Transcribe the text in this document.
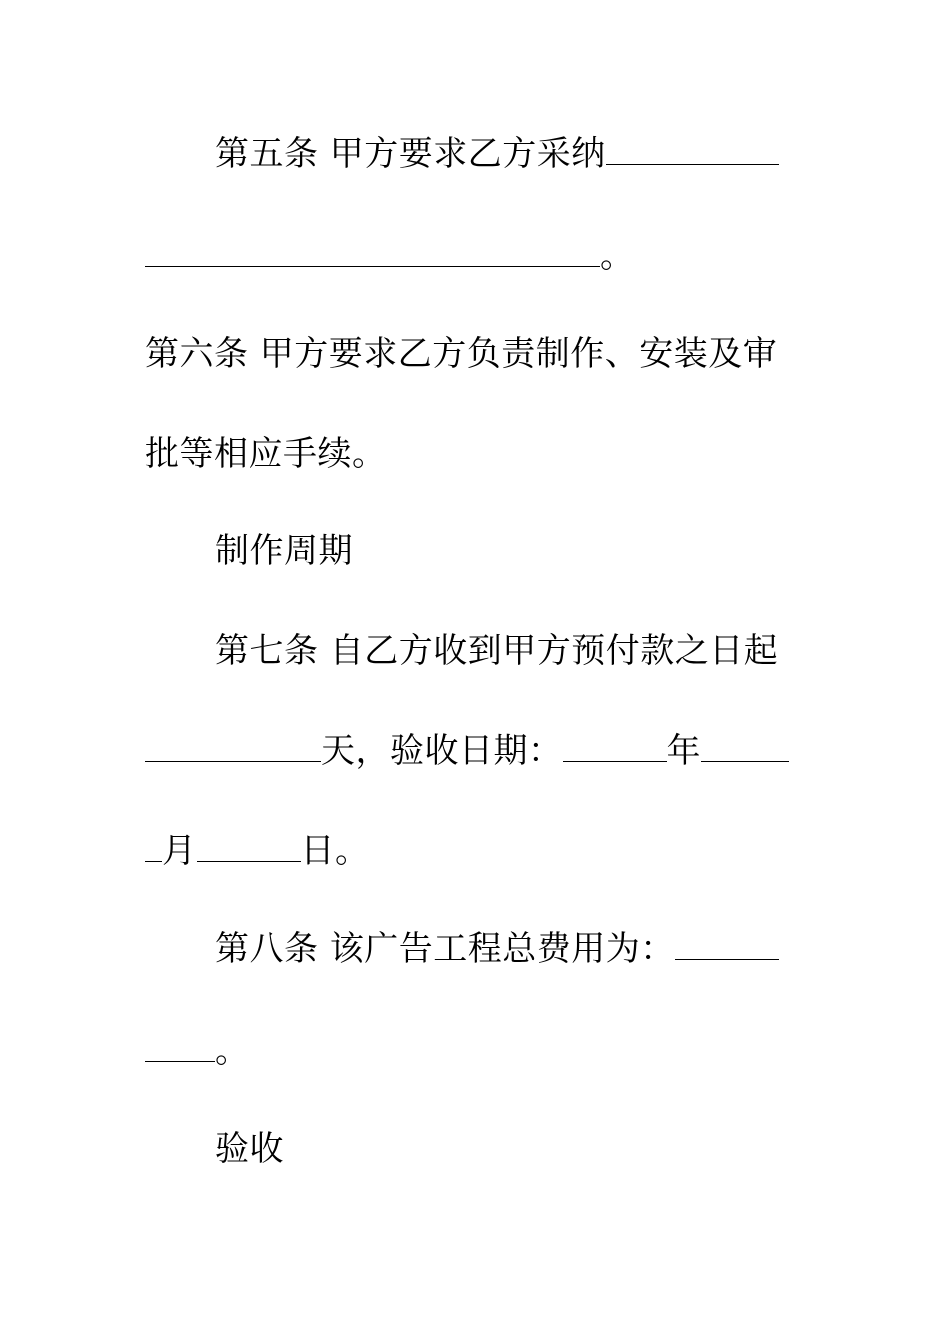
第五条 甲方要求乙方采纳
。
第六条 甲方要求乙方负责制作、安装及审
批等相应手续。
制作周期
第七条 自乙方收到甲方预付款之日起
天，验收日期：	年
月	日。
第八条 该广告工程总费用为：
。
验收
